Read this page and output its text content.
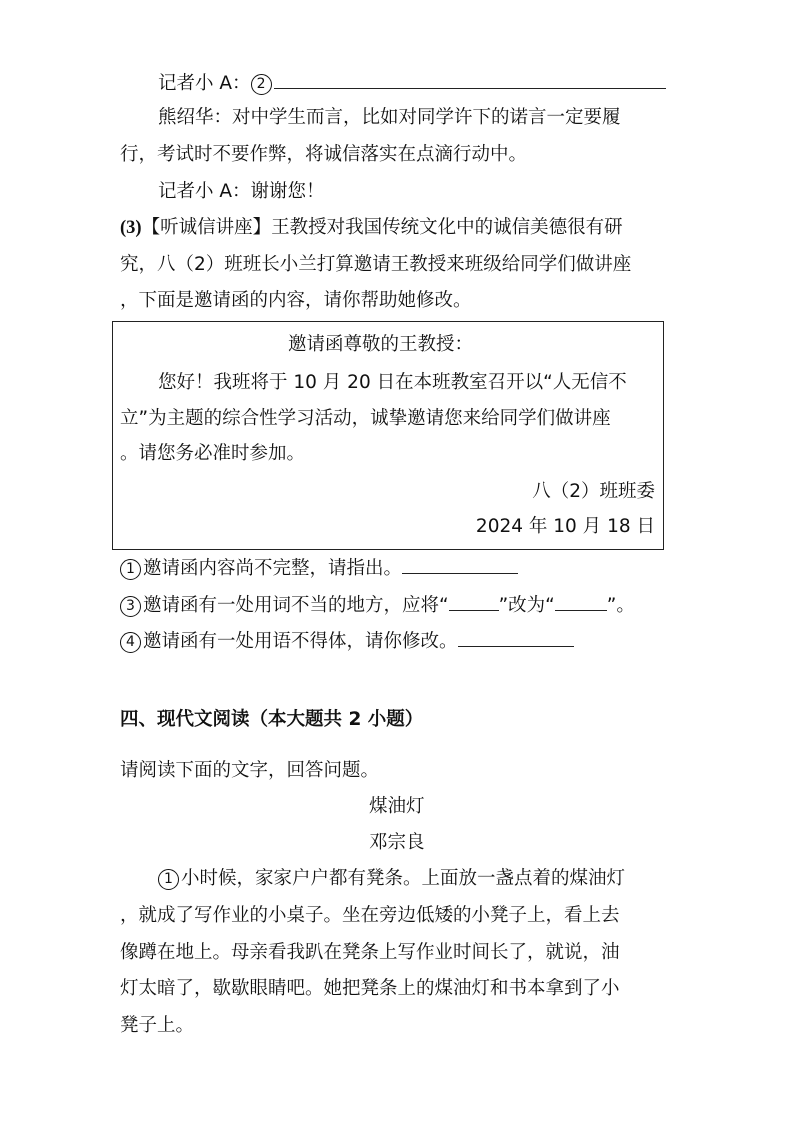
记者小 A： 2
熊绍华：对中学生而言，比如对同学许下的诺言一定要履
行，考试时不要作弊，将诚信落实在点滴行动中。
记者小 A：谢谢您！
(3)【听诚信讲座】王教授对我国传统文化中的诚信美德很有研
究，八（2）班班长小兰打算邀请王教授来班级给同学们做讲座
，下面是邀请函的内容，请你帮助她修改。
邀请函尊敬的王教授：
您好！我班将于 10 月 20 日在本班教室召开以“人无信不
立”为主题的综合性学习活动，诚挚邀请您来给同学们做讲座
。请您务必准时参加。
八（2）班班委
2024 年 10 月 18 日
1 邀请函内容尚不完整，请指出。
3 邀请函有一处用词不当的地方，应将“	”改为“	”。
4 邀请函有一处用语不得体，请你修改。
四、现代文阅读（本大题共 2 小题）
请阅读下面的文字，回答问题。
煤油灯
邓宗良
1 小时候，家家户户都有凳条。上面放一盏点着的煤油灯
，就成了写作业的小桌子。坐在旁边低矮的小凳子上，看上去
像蹲在地上。母亲看我趴在凳条上写作业时间长了，就说，油
灯太暗了，歇歇眼睛吧。她把凳条上的煤油灯和书本拿到了小
凳子上。
